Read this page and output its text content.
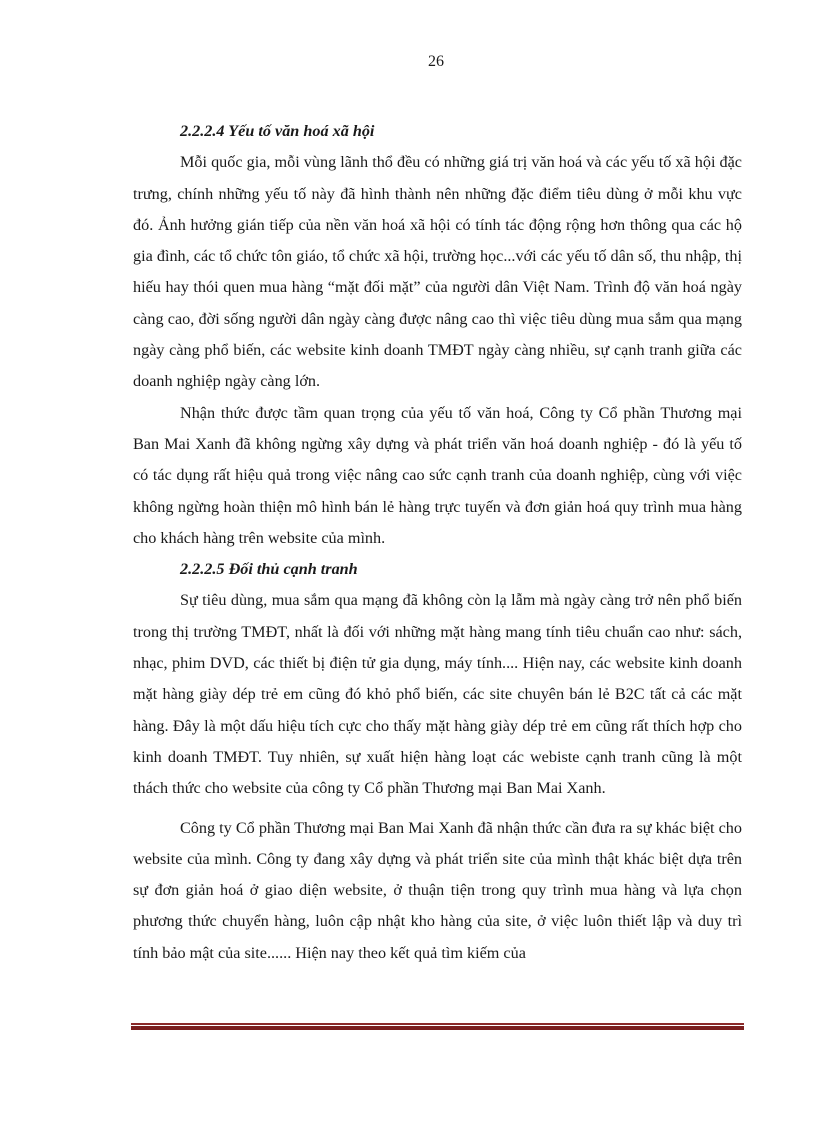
26

2.2.2.4 Yếu tố văn hoá xã hội

Mỗi quốc gia, mỗi vùng lãnh thổ đều có những giá trị văn hoá và các yếu tố xã hội đặc trưng, chính những yếu tố này đã hình thành nên những đặc điểm tiêu dùng ở mỗi khu vực đó. Ảnh hưởng gián tiếp của nền văn hoá xã hội có tính tác động rộng hơn thông qua các hộ gia đình, các tổ chức tôn giáo, tổ chức xã hội, trường học...với các yếu tố dân số, thu nhập, thị hiếu hay thói quen mua hàng “mặt đối mặt” của người dân Việt Nam. Trình độ văn hoá ngày càng cao, đời sống người dân ngày càng được nâng cao thì việc tiêu dùng mua sắm qua mạng ngày càng phổ biến, các website kinh doanh TMĐT ngày càng nhiều, sự cạnh tranh giữa các doanh nghiệp ngày càng lớn.

Nhận thức được tầm quan trọng của yếu tố văn hoá, Công ty Cổ phần Thương mại Ban Mai Xanh đã không ngừng xây dựng và phát triển văn hoá doanh nghiệp - đó là yếu tố có tác dụng rất hiệu quả trong việc nâng cao sức cạnh tranh của doanh nghiệp, cùng với việc không ngừng hoàn thiện mô hình bán lẻ hàng trực tuyến và đơn giản hoá quy trình mua hàng cho khách hàng trên website của mình.

2.2.2.5 Đối thủ cạnh tranh

Sự tiêu dùng, mua sắm qua mạng đã không còn lạ lẫm mà ngày càng trở nên phổ biến trong thị trường TMĐT, nhất là đối với những mặt hàng mang tính tiêu chuẩn cao như: sách, nhạc, phim DVD, các thiết bị điện tử gia dụng, máy tính.... Hiện nay, các website kinh doanh mặt hàng giày dép trẻ em cũng đó khỏ phổ biến, các site chuyên bán lẻ B2C tất cả các mặt hàng. Đây là một dấu hiệu tích cực cho thấy mặt hàng giày dép trẻ em cũng rất thích hợp cho kinh doanh TMĐT. Tuy nhiên, sự xuất hiện hàng loạt các webiste cạnh tranh cũng là một thách thức cho website của công ty Cổ phần Thương mại Ban Mai Xanh.

Công ty Cổ phần Thương mại Ban Mai Xanh đã nhận thức cần đưa ra sự khác biệt cho website của mình. Công ty đang xây dựng và phát triển site của mình thật khác biệt dựa trên sự đơn giản hoá ở giao diện website, ở thuận tiện trong quy trình mua hàng và lựa chọn phương thức chuyển hàng, luôn cập nhật kho hàng của site, ở việc luôn thiết lập và duy trì tính bảo mật của site...... Hiện nay theo kết quả tìm kiếm của
